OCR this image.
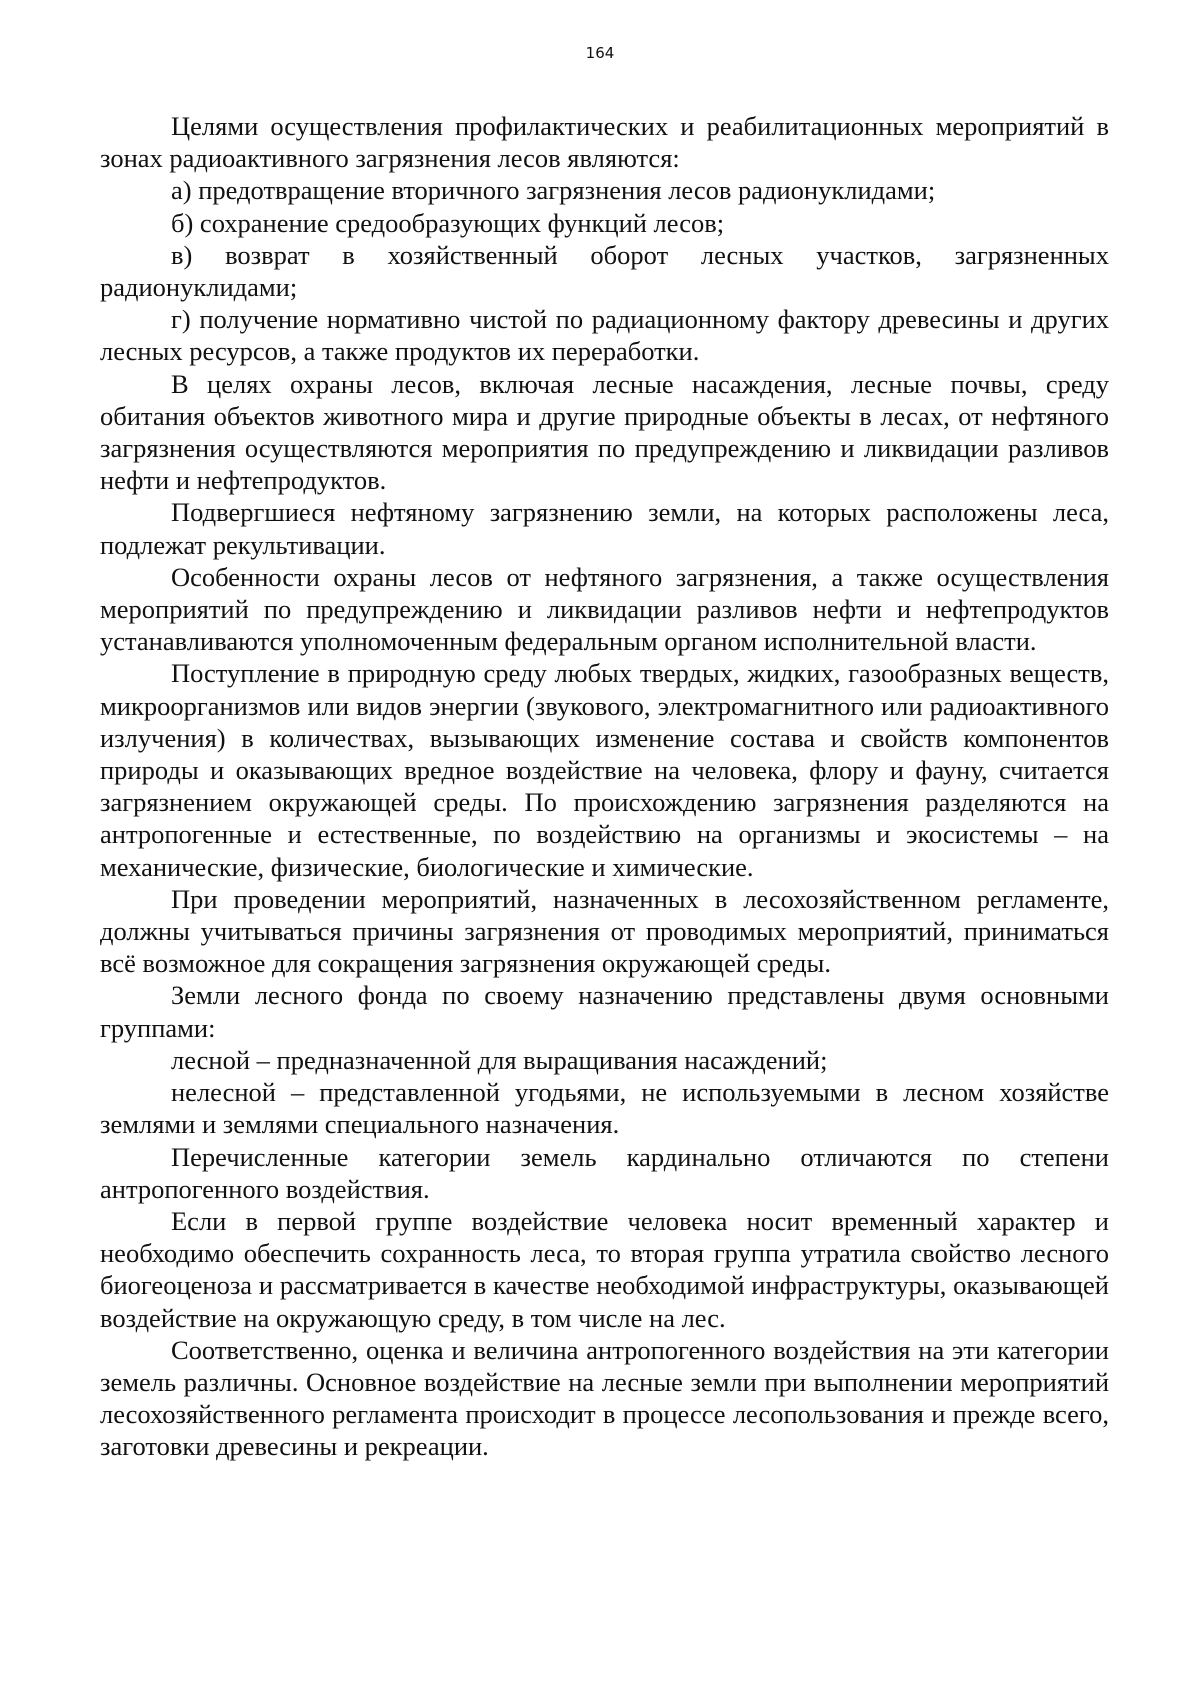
164

Целями осуществления профилактических и реабилитационных мероприятий в зонах радиоактивного загрязнения лесов являются:

а) предотвращение вторичного загрязнения лесов радионуклидами;

б) сохранение средообразующих функций лесов;

в) возврат в хозяйственный оборот лесных участков, загрязненных радионуклидами;

г) получение нормативно чистой по радиационному фактору древесины и других лесных ресурсов, а также продуктов их переработки.

В целях охраны лесов, включая лесные насаждения, лесные почвы, среду обитания объектов животного мира и другие природные объекты в лесах, от нефтяного загрязнения осуществляются мероприятия по предупреждению и ликвидации разливов нефти и нефтепродуктов.

Подвергшиеся нефтяному загрязнению земли, на которых расположены леса, подлежат рекультивации.

Особенности охраны лесов от нефтяного загрязнения, а также осуществления мероприятий по предупреждению и ликвидации разливов нефти и нефтепродуктов устанавливаются уполномоченным федеральным органом исполнительной власти.

Поступление в природную среду любых твердых, жидких, газообразных веществ, микроорганизмов или видов энергии (звукового, электромагнитного или радиоактивного излучения) в количествах, вызывающих изменение состава и свойств компонентов природы и оказывающих вредное воздействие на человека, флору и фауну, считается загрязнением окружающей среды. По происхождению загрязнения разделяются на антропогенные и естественные, по воздействию на организмы и экосистемы – на механические, физические, биологические и химические.

При проведении мероприятий, назначенных в лесохозяйственном регламенте, должны учитываться причины загрязнения от проводимых мероприятий, приниматься всё возможное для сокращения загрязнения окружающей среды.

Земли лесного фонда по своему назначению представлены двумя основными группами:

лесной – предназначенной для выращивания насаждений;

нелесной – представленной угодьями, не используемыми в лесном хозяйстве землями и землями специального назначения.

Перечисленные категории земель кардинально отличаются по степени антропогенного воздействия.

Если в первой группе воздействие человека носит временный характер и необходимо обеспечить сохранность леса, то вторая группа утратила свойство лесного биогеоценоза и рассматривается в качестве необходимой инфраструктуры, оказывающей воздействие на окружающую среду, в том числе на лес.

Соответственно, оценка и величина антропогенного воздействия на эти категории земель различны. Основное воздействие на лесные земли при выполнении мероприятий лесохозяйственного регламента происходит в процессе лесопользования и прежде всего, заготовки древесины и рекреации.
